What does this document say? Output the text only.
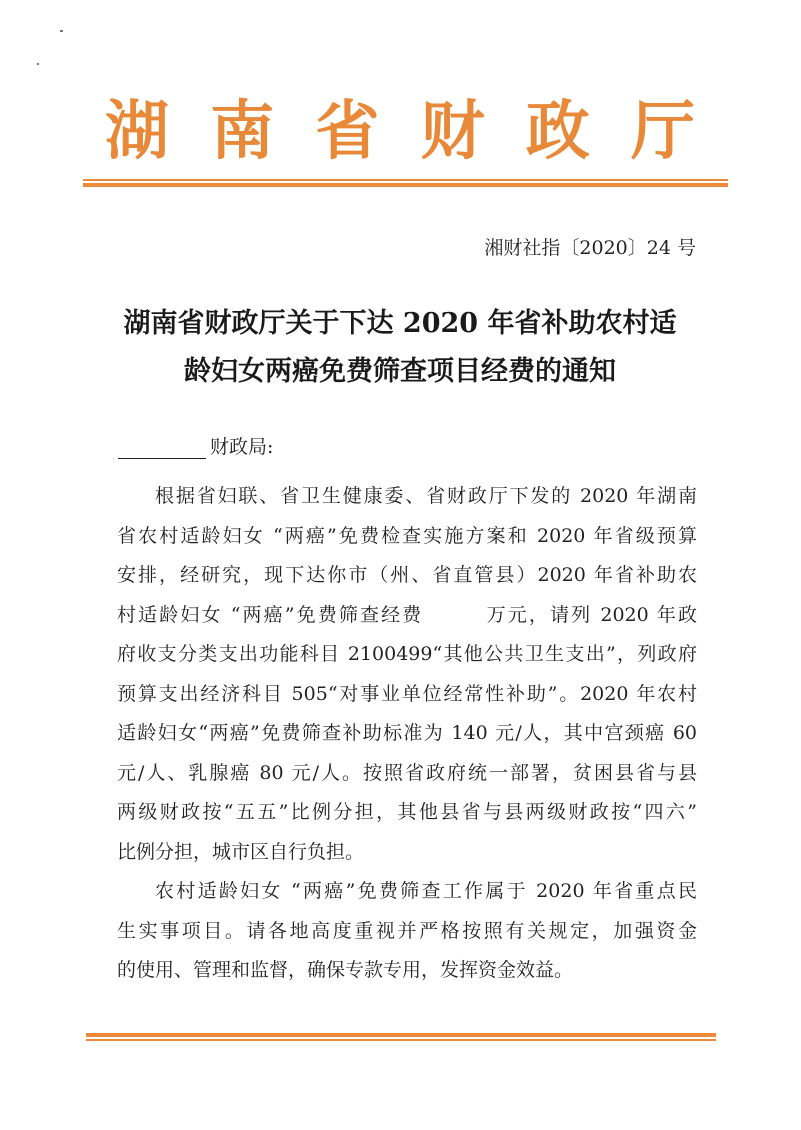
湖 南 省 财 政 厅
湘财社指〔2020〕24 号
湖南省财政厅关于下达 2020 年省补助农村适
龄妇女两癌免费筛查项目经费的通知
财政局:
根据省妇联、省卫生健康委、省财政厅下发的 2020 年湖南
省农村适龄妇女 “两癌”免费检查实施方案和 2020 年省级预算
安排，经研究，现下达你市（州、省直管县）2020 年省补助农
村适龄妇女 “两癌”免费筛查经费　　　万元，请列 2020 年政
府收支分类支出功能科目 2100499“其他公共卫生支出”，列政府
预算支出经济科目 505“对事业单位经常性补助”。2020 年农村
适龄妇女“两癌”免费筛查补助标准为 140 元/人，其中宫颈癌 60
元/人、乳腺癌 80 元/人。按照省政府统一部署，贫困县省与县
两级财政按“五五”比例分担，其他县省与县两级财政按“四六”
比例分担，城市区自行负担。
农村适龄妇女 “两癌”免费筛查工作属于 2020 年省重点民
生实事项目。请各地高度重视并严格按照有关规定，加强资金
的使用、管理和监督，确保专款专用，发挥资金效益。
